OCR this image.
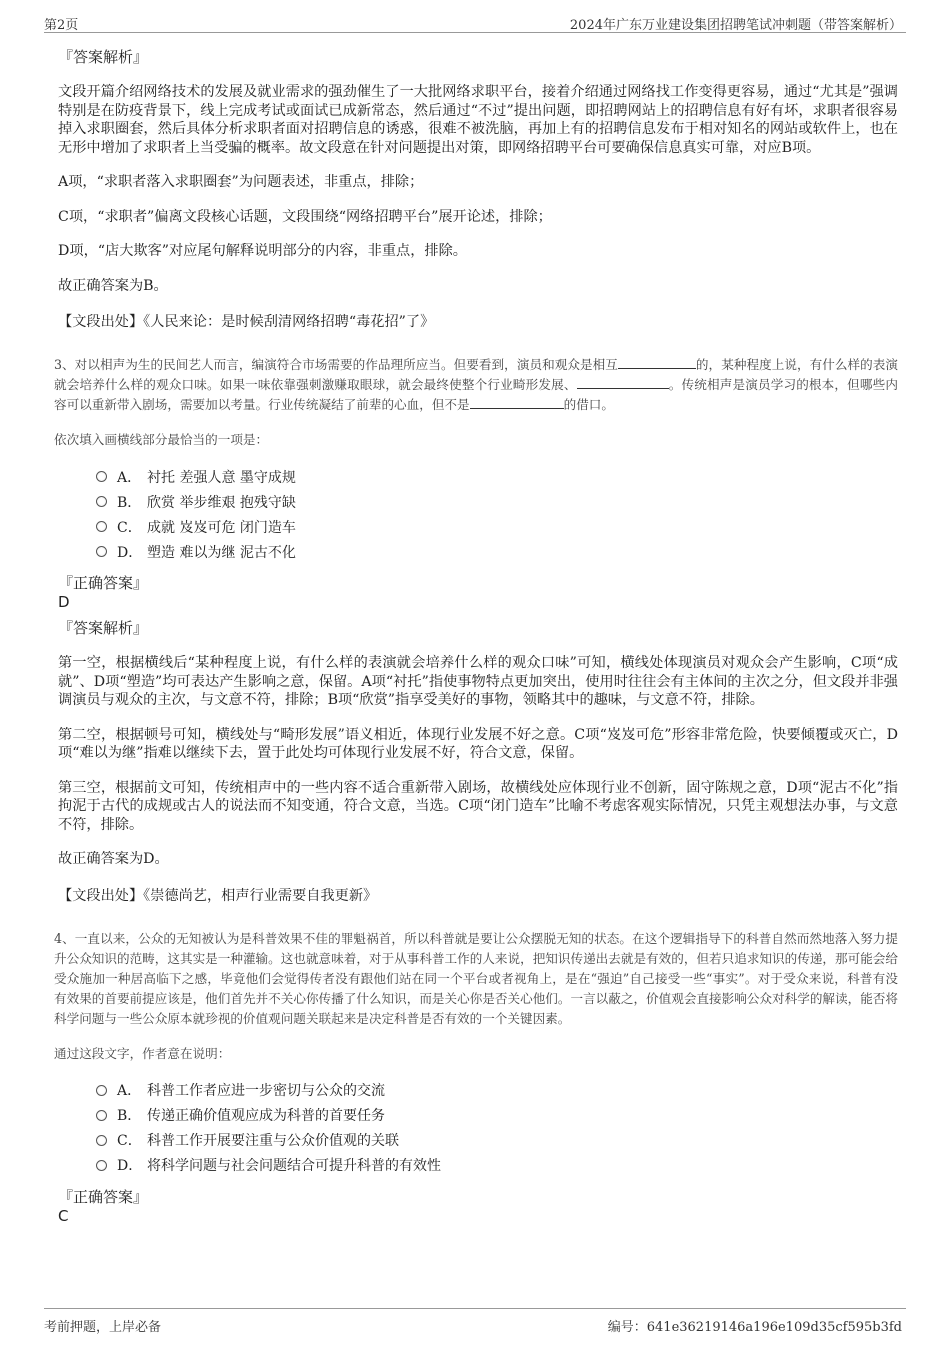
第2页	2024年广东万业建设集团招聘笔试冲刺题（带答案解析）
『答案解析』

文段开篇介绍网络技术的发展及就业需求的强劲催生了一大批网络求职平台，接着介绍通过网络找工作变得更容易，通过“尤其是”强调特别是在防疫背景下，线上完成考试或面试已成新常态，然后通过“不过”提出问题，即招聘网站上的招聘信息有好有坏，求职者很容易掉入求职圈套，然后具体分析求职者面对招聘信息的诱惑，很难不被洗脑，再加上有的招聘信息发布于相对知名的网站或软件上，也在无形中增加了求职者上当受骗的概率。故文段意在针对问题提出对策，即网络招聘平台可要确保信息真实可靠，对应B项。

A项，“求职者落入求职圈套”为问题表述，非重点，排除；

C项，“求职者”偏离文段核心话题，文段围绕“网络招聘平台”展开论述，排除；

D项，“店大欺客”对应尾句解释说明部分的内容，非重点，排除。

故正确答案为B。

【文段出处】《人民来论：是时候刮清网络招聘“毒花招”了》
3、对以相声为生的民间艺人而言，编演符合市场需要的作品理所应当。但要看到，演员和观众是相互	的，某种程度上说，有什么样的表演就会培养什么样的观众口味。如果一味依靠强刺激赚取眼球，就会最终使整个行业畸形发展、	。传统相声是演员学习的根本，但哪些内容可以重新带入剧场，需要加以考量。行业传统凝结了前辈的心血，但不是	的借口。
依次填入画横线部分最恰当的一项是：
A． 衬托 差强人意 墨守成规
B． 欣赏 举步维艰 抱残守缺
C． 成就 岌岌可危 闭门造车
D． 塑造 难以为继 泥古不化
『正确答案』
D
『答案解析』

第一空，根据横线后“某种程度上说，有什么样的表演就会培养什么样的观众口味”可知，横线处体现演员对观众会产生影响，C项“成就”、D项“塑造”均可表达产生影响之意，保留。A项“衬托”指使事物特点更加突出，使用时往往会有主体间的主次之分，但文段并非强调演员与观众的主次，与文意不符，排除；B项“欣赏”指享受美好的事物，领略其中的趣味，与文意不符，排除。

第二空，根据顿号可知，横线处与“畸形发展”语义相近，体现行业发展不好之意。C项“岌岌可危”形容非常危险，快要倾覆或灭亡，D项“难以为继”指难以继续下去，置于此处均可体现行业发展不好，符合文意，保留。

第三空，根据前文可知，传统相声中的一些内容不适合重新带入剧场，故横线处应体现行业不创新，固守陈规之意，D项“泥古不化”指拘泥于古代的成规或古人的说法而不知变通，符合文意，当选。C项“闭门造车”比喻不考虑客观实际情况，只凭主观想法办事，与文意不符，排除。

故正确答案为D。

【文段出处】《崇德尚艺，相声行业需要自我更新》
4、一直以来，公众的无知被认为是科普效果不佳的罪魁祸首，所以科普就是要让公众摆脱无知的状态。在这个逻辑指导下的科普自然而然地落入努力提升公众知识的范畴，这其实是一种灌输。这也就意味着，对于从事科普工作的人来说，把知识传递出去就是有效的，但若只追求知识的传递，那可能会给受众施加一种居高临下之感，毕竟他们会觉得传者没有跟他们站在同一个平台或者视角上，是在“强迫”自己接受一些“事实”。对于受众来说，科普有没有效果的首要前提应该是，他们首先并不关心你传播了什么知识，而是关心你是否关心他们。一言以蔽之，价值观会直接影响公众对科学的解读，能否将科学问题与一些公众原本就珍视的价值观问题关联起来是决定科普是否有效的一个关键因素。
通过这段文字，作者意在说明：
A． 科普工作者应进一步密切与公众的交流
B． 传递正确价值观应成为科普的首要任务
C． 科普工作开展要注重与公众价值观的关联
D． 将科学问题与社会问题结合可提升科普的有效性
『正确答案』
C
考前押题，上岸必备	编号：641e36219146a196e109d35cf595b3fd
